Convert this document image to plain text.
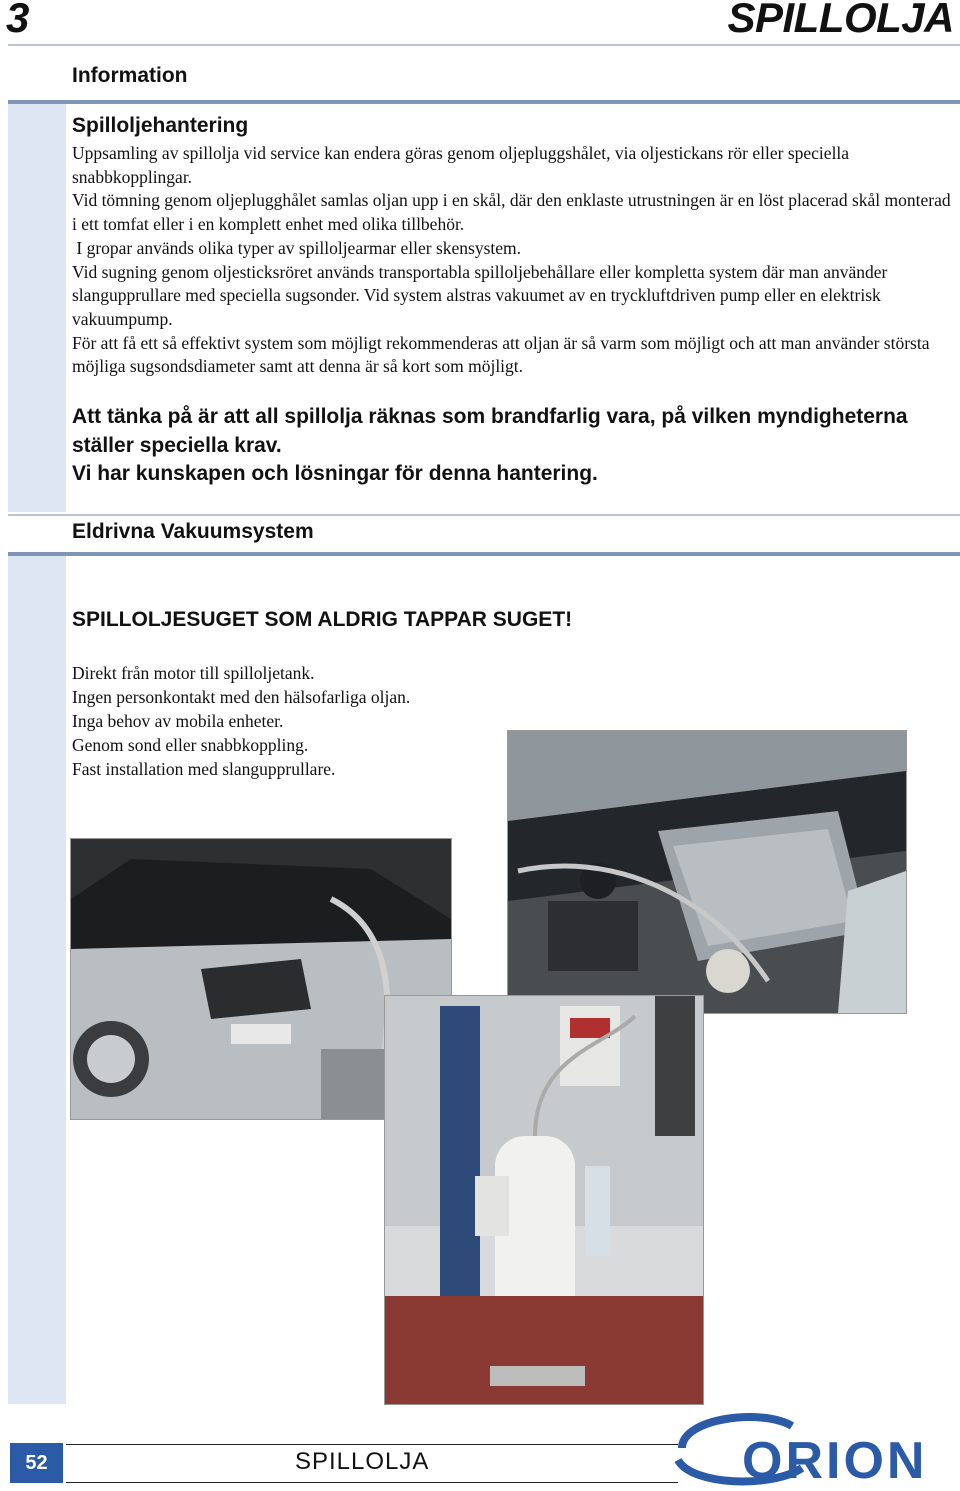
3	SPILLOLJA
Information
Spilloljehantering

Uppsamling av spillolja vid service kan endera göras genom oljepluggshålet, via oljestickans rör eller speciella snabbkopplingar.

Vid tömning genom oljeplugghålet samlas oljan upp i en skål, där den enklaste utrustningen är en löst placerad skål monterad i ett tomfat eller i en komplett enhet med olika tillbehör.

I gropar används olika typer av spilloljearmar eller skensystem.

Vid sugning genom oljesticksröret används transportabla spilloljebehållare eller kompletta system där man använder slangupprullare med speciella sugsonder. Vid system alstras vakuumet av en tryckluftdriven pump eller en elektrisk vakuumpump.

För att få ett så effektivt system som möjligt rekommenderas att oljan är så varm som möjligt och att man använder största möjliga sugsondsdiameter samt att denna är så kort som möjligt.

Att tänka på är att all spillolja räknas som brandfarlig vara, på vilken myndigheterna ställer speciella krav.

Vi har kunskapen och lösningar för denna hantering.

Eldrivna Vakuumsystem
SPILLOLJESUGET SOM ALDRIG TAPPAR SUGET!
Direkt från motor till spilloljetank.
Ingen personkontakt med den hälsofarliga oljan.
Inga behov av mobila enheter.
Genom sond eller snabbkoppling.
Fast installation med slangupprullare.
52	SPILLOLJA	ORION
